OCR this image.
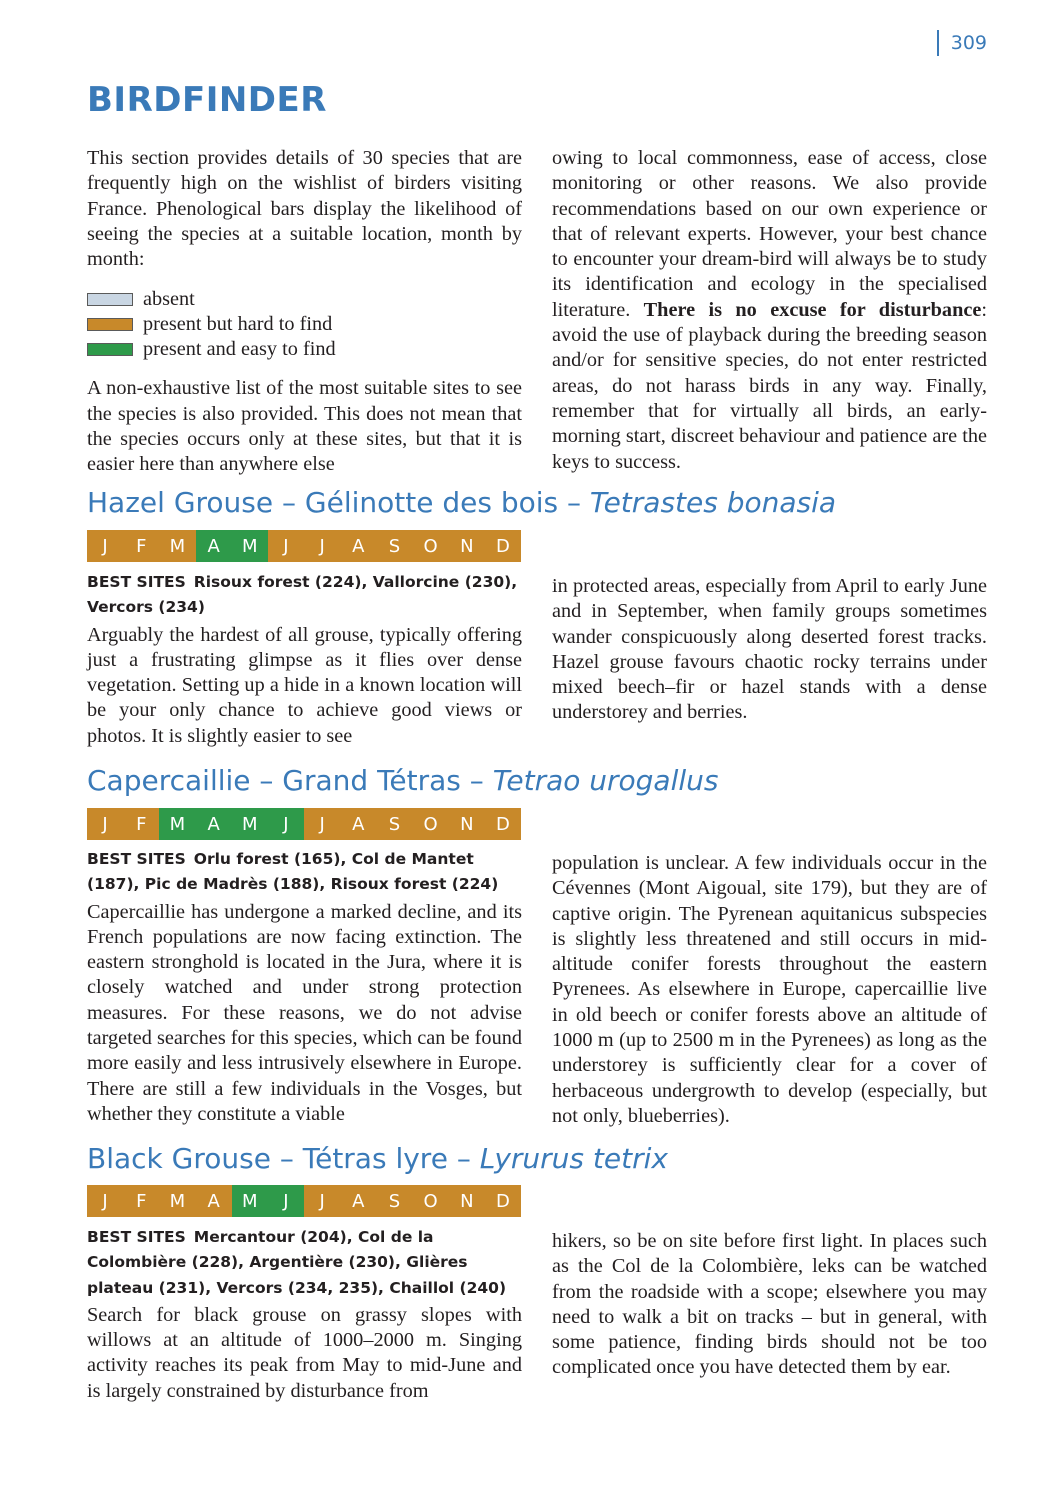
309
BIRDFINDER

This section provides details of 30 species that are frequently high on the wishlist of birders visiting France. Phenological bars display the likelihood of seeing the species at a suitable location, month by month:

absent
present but hard to find
present and easy to find

A non-exhaustive list of the most suitable sites to see the species is also provided. This does not mean that the species occurs only at these sites, but that it is easier here than anywhere else

owing to local commonness, ease of access, close monitoring or other reasons. We also provide recommendations based on our own experience or that of relevant experts. However, your best chance to encounter your dream-bird will always be to study its identification and ecology in the specialised literature. There is no excuse for disturbance: avoid the use of playback during the breeding season and/or for sensitive species, do not enter restricted areas, do not harass birds in any way. Finally, remember that for virtually all birds, an early-morning start, discreet behaviour and patience are the keys to success.

Hazel Grouse – Gélinotte des bois – Tetrastes bonasia
J	F	M	A	M	J	J	A	S	O	N	D
BEST SITES Risoux forest (224), Vallorcine (230), Vercors (234)

Arguably the hardest of all grouse, typically offering just a frustrating glimpse as it flies over dense vegetation. Setting up a hide in a known location will be your only chance to achieve good views or photos. It is slightly easier to see

in protected areas, especially from April to early June and in September, when family groups sometimes wander conspicuously along deserted forest tracks. Hazel grouse favours chaotic rocky terrains under mixed beech–fir or hazel stands with a dense understorey and berries.

Capercaillie – Grand Tétras – Tetrao urogallus
J	F	M	A	M	J	J	A	S	O	N	D
BEST SITES Orlu forest (165), Col de Mantet (187), Pic de Madrès (188), Risoux forest (224)

Capercaillie has undergone a marked decline, and its French populations are now facing extinction. The eastern stronghold is located in the Jura, where it is closely watched and under strong protection measures. For these reasons, we do not advise targeted searches for this species, which can be found more easily and less intrusively elsewhere in Europe. There are still a few individuals in the Vosges, but whether they constitute a viable

population is unclear. A few individuals occur in the Cévennes (Mont Aigoual, site 179), but they are of captive origin. The Pyrenean aquitanicus subspecies is slightly less threatened and still occurs in mid-altitude conifer forests throughout the eastern Pyrenees. As elsewhere in Europe, capercaillie live in old beech or conifer forests above an altitude of 1000 m (up to 2500 m in the Pyrenees) as long as the understorey is sufficiently clear for a cover of herbaceous undergrowth to develop (especially, but not only, blueberries).

Black Grouse – Tétras lyre – Lyrurus tetrix
J	F	M	A	M	J	J	A	S	O	N	D
BEST SITES Mercantour (204), Col de la Colombière (228), Argentière (230), Glières plateau (231), Vercors (234, 235), Chaillol (240)

Search for black grouse on grassy slopes with willows at an altitude of 1000–2000 m. Singing activity reaches its peak from May to mid-June and is largely constrained by disturbance from

hikers, so be on site before first light. In places such as the Col de la Colombière, leks can be watched from the roadside with a scope; elsewhere you may need to walk a bit on tracks – but in general, with some patience, finding birds should not be too complicated once you have detected them by ear.
